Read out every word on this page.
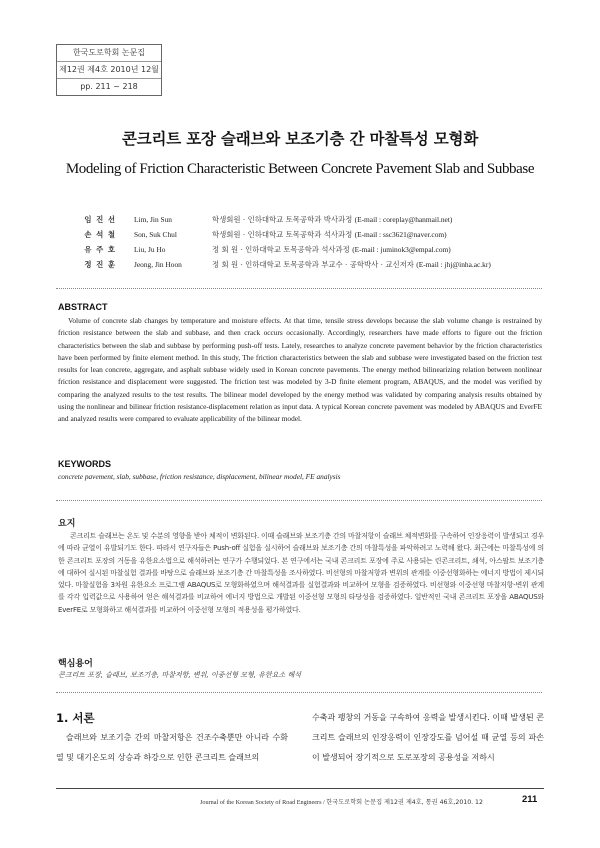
한국도로학회 논문집
제12권 제4호 2010년 12월
pp. 211 ~ 218
콘크리트 포장 슬래브와 보조기층 간 마찰특성 모형화
Modeling of Friction Characteristic Between Concrete Pavement Slab and Subbase
임 진 선 Lim, Jin Sun	학생회원 · 인하대학교 토목공학과 박사과정 (E-mail : coreplay@hanmail.net)
손 석 철 Son, Suk Chul	학생회원 · 인하대학교 토목공학과 석사과정 (E-mail : ssc3621@naver.com)
유 주 호 Liu, Ju Ho	정 회 원 · 인하대학교 토목공학과 석사과정 (E-mail : juminok3@empal.com)
정 진 훈 Jeong, Jin Hoon	정 회 원 · 인하대학교 토목공학과 부교수 · 공학박사 · 교신저자 (E-mail : jhj@inha.ac.kr)
ABSTRACT
Volume of concrete slab changes by temperature and moisture effects. At that time, tensile stress develops because the slab volume change is restrained by friction resistance between the slab and subbase, and then crack occurs occasionally. Accordingly, researchers have made efforts to figure out the friction characteristics between the slab and subbase by performing push-off tests. Lately, researches to analyze concrete pavement behavior by the friction characteristics have been performed by finite element method. In this study, The friction characteristics between the slab and subbase were investigated based on the friction test results for lean concrete, aggregate, and asphalt subbase widely used in Korean concrete pavements. The energy method bilinearizing relation between nonlinear friction resistance and displacement were suggested. The friction test was modeled by 3-D finite element program, ABAQUS, and the model was verified by comparing the analyzed results to the test results. The bilinear model developed by the energy method was validated by comparing analysis results obtained by using the nonlinear and bilinear friction resistance-displacement relation as input data. A typical Korean concrete pavement was modeled by ABAQUS and EverFE and analyzed results were compared to evaluate applicability of the bilinear model.
KEYWORDS
concrete pavement, slab, subbase, friction resistance, displacement, bilinear model, FE analysis
요지
콘크리트 슬래브는 온도 및 수분의 영향을 받아 체적이 변화된다. 이때 슬래브와 보조기층 간의 마찰저항이 슬래브 체적변화를 구속하여 인장응력이 발생되고 경우에 따라 균열이 유발되기도 한다. 따라서 연구자들은 Push-off 실험을 실시하여 슬래브와 보조기층 간의 마찰특성을 파악하려고 노력해 왔다. 최근에는 마찰특성에 의한 콘크리트 포장의 거동을 유한요소법으로 해석하려는 연구가 수행되었다. 본 연구에서는 국내 콘크리트 포장에 주로 사용되는 린콘크리트, 쇄석, 아스팔트 보조기층에 대하여 실시된 마찰실험 결과를 바탕으로 슬래브와 보조기층 간 마찰특성을 조사하였다. 비선형의 마찰저항과 변위의 관계를 이중선형화하는 에너지 방법이 제시되었다. 마찰실험을 3차원 유한요소 프로그램 ABAQUS로 모형화하였으며 해석결과를 실험결과와 비교하여 모형을 검증하였다. 비선형와 이중선형 마찰저항-변위 관계를 각각 입력값으로 사용하여 얻은 해석결과를 비교하여 에너지 방법으로 개발된 이중선형 모형의 타당성을 검증하였다. 일반적인 국내 콘크리트 포장을 ABAQUS와 EverFE로 모형화하고 해석결과를 비교하여 이중선형 모형의 적용성을 평가하였다.
핵심용어
콘크리트 포장, 슬래브, 보조기층, 마찰저항, 변위, 이중선형 모형, 유한요소 해석
1. 서론
슬래브와 보조기층 간의 마찰저항은 건조수축뿐만 아니라 수화열 및 대기온도의 상승과 하강으로 인한 콘크리트 슬래브의
수축과 팽창의 거동을 구속하여 응력을 발생시킨다. 이때 발생된 콘크리트 슬래브의 인장응력이 인장강도를 넘어설 때 균열 등의 파손이 발생되어 장기적으로 도로포장의 공용성을 저하시
Journal of the Korean Society of Road Engineers / 한국도로학회 논문집 제12권 제4호, 통권 46호,2010. 12	211
